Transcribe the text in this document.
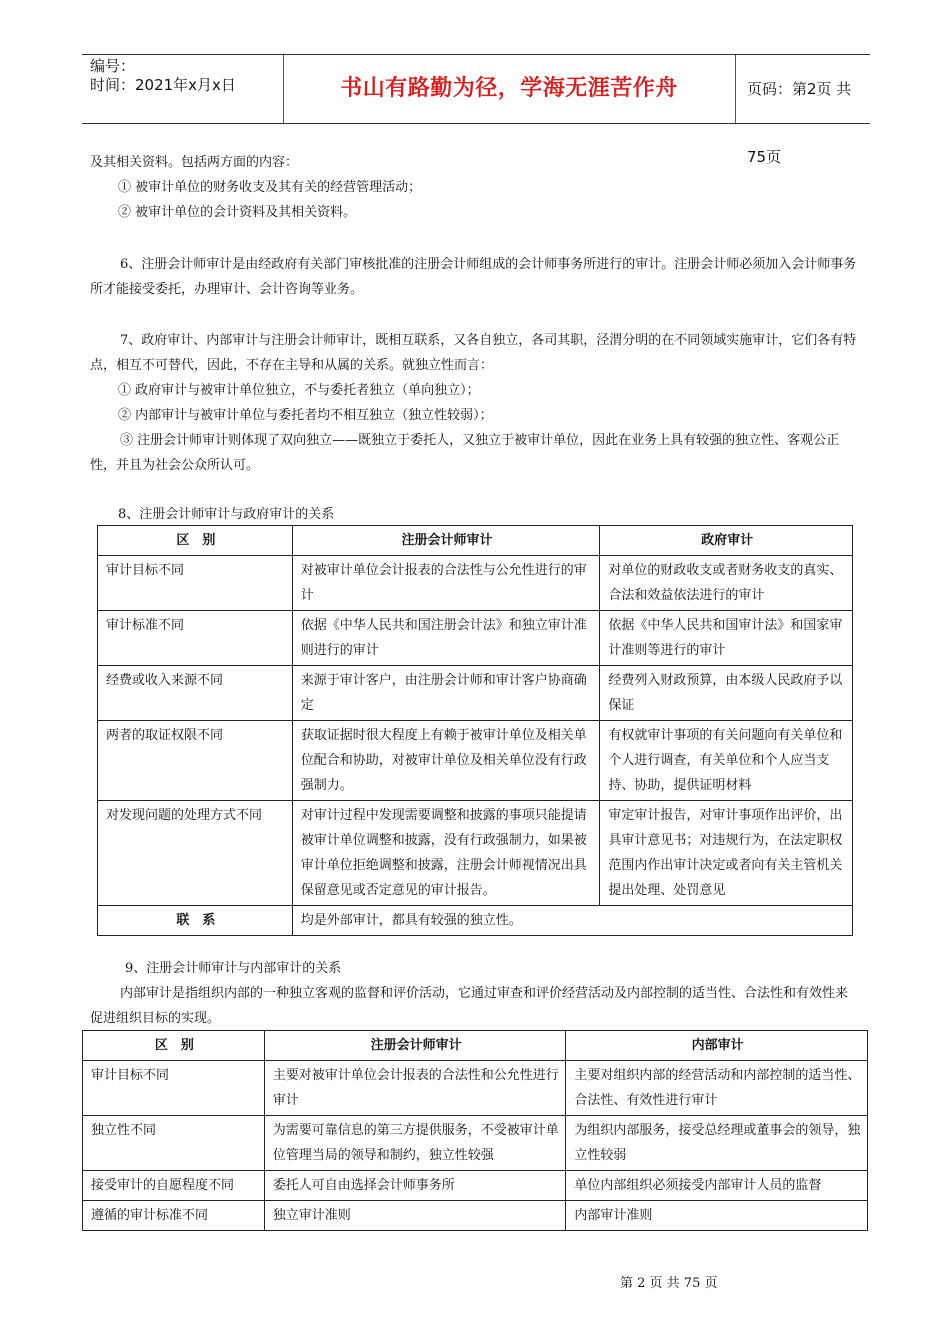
编号：
时间：2021年x月x日	书山有路勤为径，学海无涯苦作舟	页码：第2页 共75页
及其相关资料。包括两方面的内容：
① 被审计单位的财务收支及其有关的经营管理活动；
② 被审计单位的会计资料及其相关资料。
6、注册会计师审计是由经政府有关部门审核批准的注册会计师组成的会计师事务所进行的审计。注册会计师必须加入会计师事务所才能接受委托，办理审计、会计咨询等业务。
7、政府审计、内部审计与注册会计师审计，既相互联系，又各自独立，各司其职，泾渭分明的在不同领域实施审计，它们各有特点，相互不可替代，因此，不存在主导和从属的关系。就独立性而言：
① 政府审计与被审计单位独立，不与委托者独立（单向独立）；
② 内部审计与被审计单位与委托者均不相互独立（独立性较弱）；
③ 注册会计师审计则体现了双向独立——既独立于委托人，又独立于被审计单位，因此在业务上具有较强的独立性、客观公正性，并且为社会公众所认可。
8、注册会计师审计与政府审计的关系
区　别	注册会计师审计	政府审计
审计目标不同	对被审计单位会计报表的合法性与公允性进行的审计	对单位的财政收支或者财务收支的真实、合法和效益依法进行的审计
审计标准不同	依据《中华人民共和国注册会计法》和独立审计准则进行的审计	依据《中华人民共和国审计法》和国家审计准则等进行的审计
经费或收入来源不同	来源于审计客户，由注册会计师和审计客户协商确定	经费列入财政预算，由本级人民政府予以保证
两者的取证权限不同	获取证据时很大程度上有赖于被审计单位及相关单位配合和协助，对被审计单位及相关单位没有行政强制力。	有权就审计事项的有关问题向有关单位和个人进行调查，有关单位和个人应当支持、协助，提供证明材料
对发现问题的处理方式不同	对审计过程中发现需要调整和披露的事项只能提请被审计单位调整和披露，没有行政强制力，如果被审计单位拒绝调整和披露，注册会计师视情况出具保留意见或否定意见的审计报告。	审定审计报告，对审计事项作出评价，出具审计意见书；对违规行为，在法定职权范围内作出审计决定或者向有关主管机关提出处理、处罚意见
联　系	均是外部审计，都具有较强的独立性。	
9、注册会计师审计与内部审计的关系
内部审计是指组织内部的一种独立客观的监督和评价活动，它通过审查和评价经营活动及内部控制的适当性、合法性和有效性来促进组织目标的实现。
区　别	注册会计师审计	内部审计
审计目标不同	主要对被审计单位会计报表的合法性和公允性进行审计	主要对组织内部的经营活动和内部控制的适当性、合法性、有效性进行审计
独立性不同	为需要可靠信息的第三方提供服务，不受被审计单位管理当局的领导和制约，独立性较强	为组织内部服务，接受总经理或董事会的领导，独立性较弱
接受审计的自愿程度不同	委托人可自由选择会计师事务所	单位内部组织必须接受内部审计人员的监督
遵循的审计标准不同	独立审计准则	内部审计准则
第 2 页 共 75 页
